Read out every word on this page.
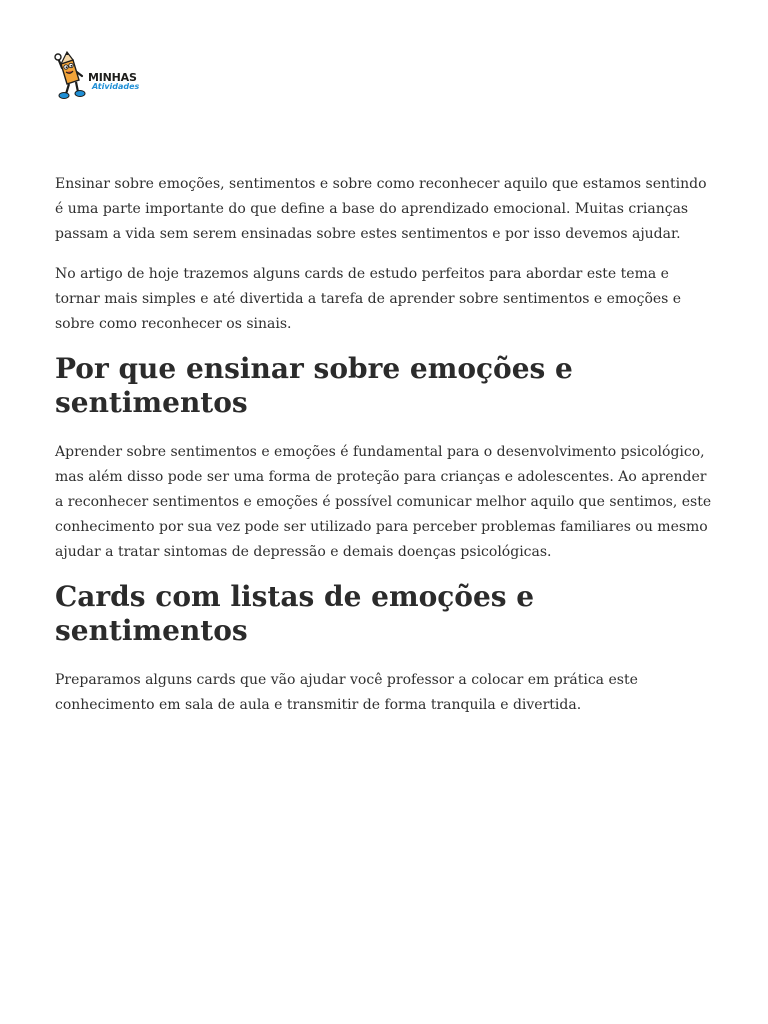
MINHAS
Atividades

Ensinar sobre emoções, sentimentos e sobre como reconhecer aquilo que estamos sentindo é uma parte importante do que define a base do aprendizado emocional. Muitas crianças passam a vida sem serem ensinadas sobre estes sentimentos e por isso devemos ajudar.

No artigo de hoje trazemos alguns cards de estudo perfeitos para abordar este tema e tornar mais simples e até divertida a tarefa de aprender sobre sentimentos e emoções e sobre como reconhecer os sinais.

Por que ensinar sobre emoções e sentimentos

Aprender sobre sentimentos e emoções é fundamental para o desenvolvimento psicológico, mas além disso pode ser uma forma de proteção para crianças e adolescentes. Ao aprender a reconhecer sentimentos e emoções é possível comunicar melhor aquilo que sentimos, este conhecimento por sua vez pode ser utilizado para perceber problemas familiares ou mesmo ajudar a tratar sintomas de depressão e demais doenças psicológicas.

Cards com listas de emoções e sentimentos

Preparamos alguns cards que vão ajudar você professor a colocar em prática este conhecimento em sala de aula e transmitir de forma tranquila e divertida.
